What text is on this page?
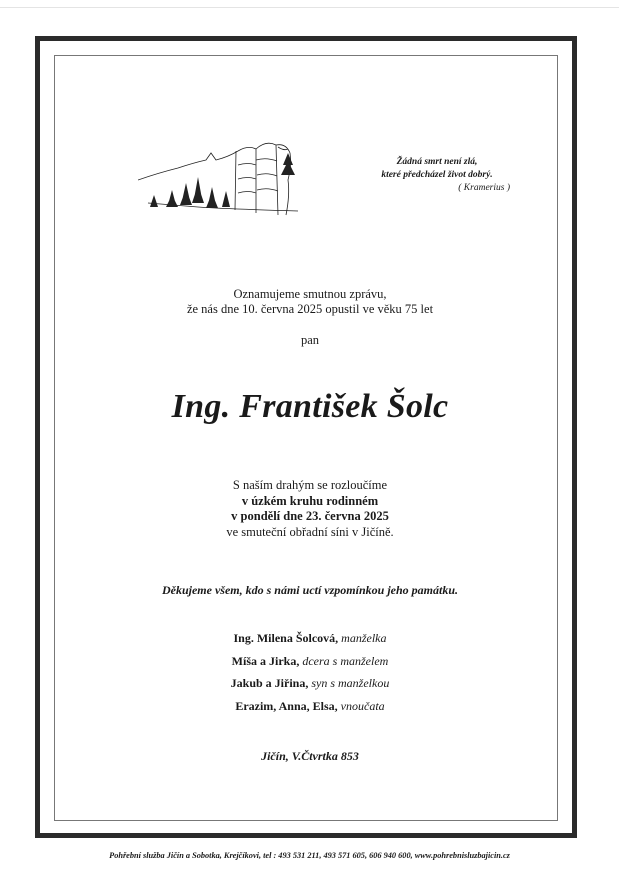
Žádná smrt není zlá,
které předcházel život dobrý.
( Kramerius )
Oznamujeme smutnou zprávu,
že nás dne 10. června 2025 opustil ve věku 75 let
pan
Ing. František Šolc
S naším drahým se rozloučíme
v úzkém kruhu rodinném
v pondělí dne 23. června 2025
ve smuteční obřadní síni v Jičíně.
Děkujeme všem, kdo s námi uctí vzpomínkou jeho památku.
Ing. Milena Šolcová, manželka
Míša a Jirka, dcera s manželem
Jakub a Jiřina, syn s manželkou
Erazim, Anna, Elsa, vnoučata
Jičín, V.Čtvrtka 853
Pohřební služba Jičín a Sobotka, Krejčíkovi, tel : 493 531 211, 493 571 605, 606 940 600, www.pohrebnisluzbajicin.cz
